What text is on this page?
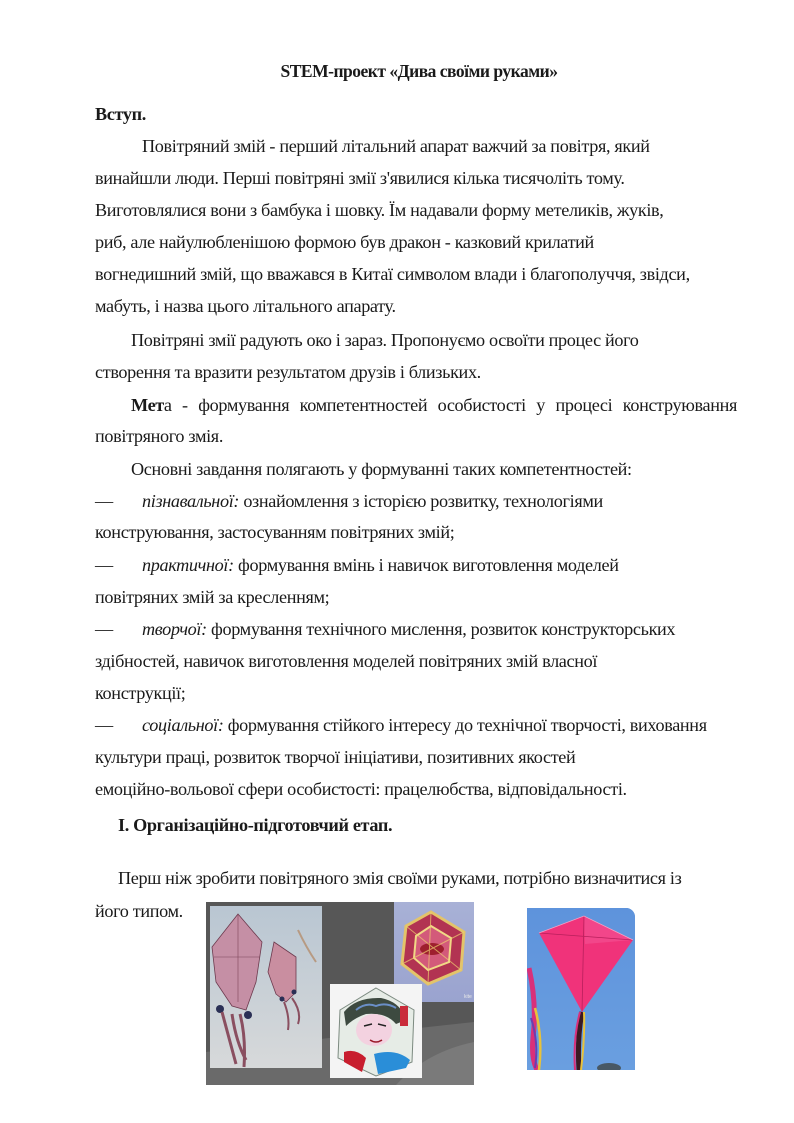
STEM-проект «Дива своїми руками»
Вступ.
Повітряний змій - перший літальний апарат важчий за повітря, який
винайшли люди. Перші повітряні змії з'явилися кілька тисячоліть тому.
Виготовлялися вони з бамбука і шовку. Їм надавали форму метеликів, жуків,
риб, але найулюбленішою формою був дракон - казковий крилатий
вогнедишний змій, що вважався в Китаї символом влади і благополуччя, звідси,
мабуть, і назва цього літального апарату.
Повітряні змії радують око і зараз. Пропонуємо освоїти процес його
створення та вразити результатом друзів і близьких.
Мета - формування компетентностей особистості у процесі конструювання
повітряного змія.
Основні завдання полягають у формуванні таких компетентностей:
— пізнавальної: ознайомлення з історією розвитку, технологіями
конструювання, застосуванням повітряних змій;
— практичної: формування вмінь і навичок виготовлення моделей
повітряних змій за кресленням;
— творчої: формування технічного мислення, розвиток конструкторських
здібностей, навичок виготовлення моделей повітряних змій власної
конструкції;
— соціальної: формування стійкого інтересу до технічної творчості, виховання
культури праці, розвиток творчої ініціативи, позитивних якостей
емоційно-вольової сфери особистості: працелюбства, відповідальності.
І. Організаційно-підготовчий етап.
Перш ніж зробити повітряного змія своїми руками, потрібно визначитися із
його типом.
kite
